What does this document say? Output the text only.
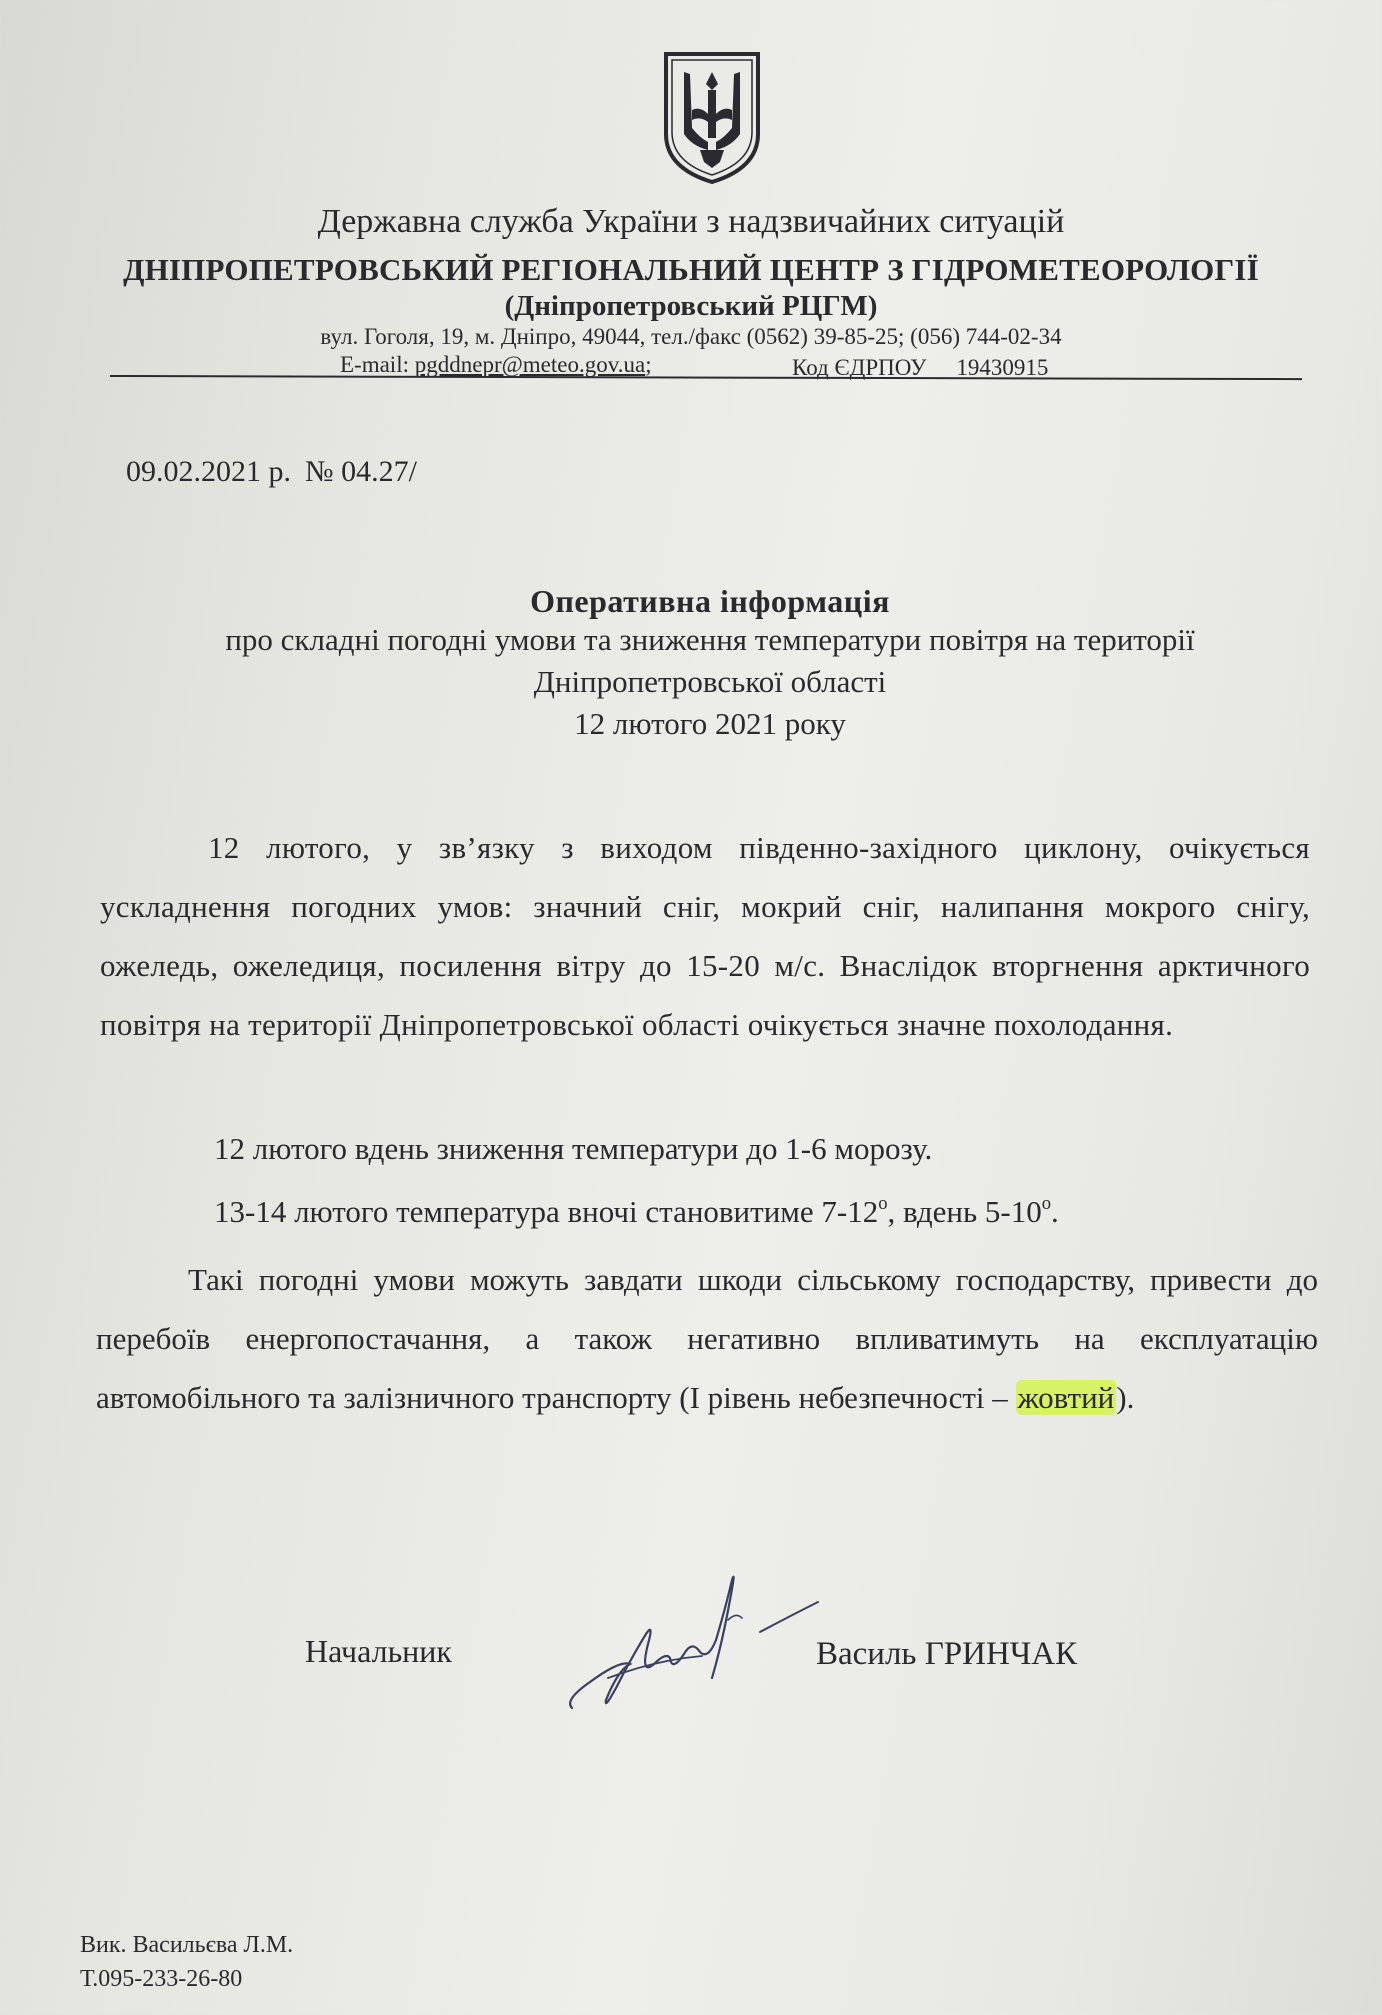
Державна служба України з надзвичайних ситуацій
ДНІПРОПЕТРОВСЬКИЙ РЕГІОНАЛЬНИЙ ЦЕНТР З ГІДРОМЕТЕОРОЛОГІЇ
(Дніпропетровський РЦГМ)
вул. Гоголя, 19, м. Дніпро, 49044, тел./факс (0562) 39-85-25; (056) 744-02-34
E-mail: pgddnepr@meteo.gov.ua;	Код ЄДРПОУ 19430915
09.02.2021 р. № 04.27/
Оперативна інформація
про складні погодні умови та зниження температури повітря на території
Дніпропетровської області
12 лютого 2021 року
12 лютого, у зв’язку з виходом південно-західного циклону, очікується ускладнення погодних умов: значний сніг, мокрий сніг, налипання мокрого снігу, ожеледь, ожеледиця, посилення вітру до 15-20 м/с. Внаслідок вторгнення арктичного повітря на території Дніпропетровської області очікується значне похолодання.
12 лютого вдень зниження температури до 1-6 морозу.
13-14 лютого температура вночі становитиме $7-12^о$, вдень $5-10^о$.
Такі погодні умови можуть завдати шкоди сільському господарству, привести до перебоїв енергопостачання, а також негативно впливатимуть на експлуатацію автомобільного та залізничного транспорту (І рівень небезпечності – жовтий).
Начальник	Василь ГРИНЧАК
Вик. Васильєва Л.М.
Т.095-233-26-80
